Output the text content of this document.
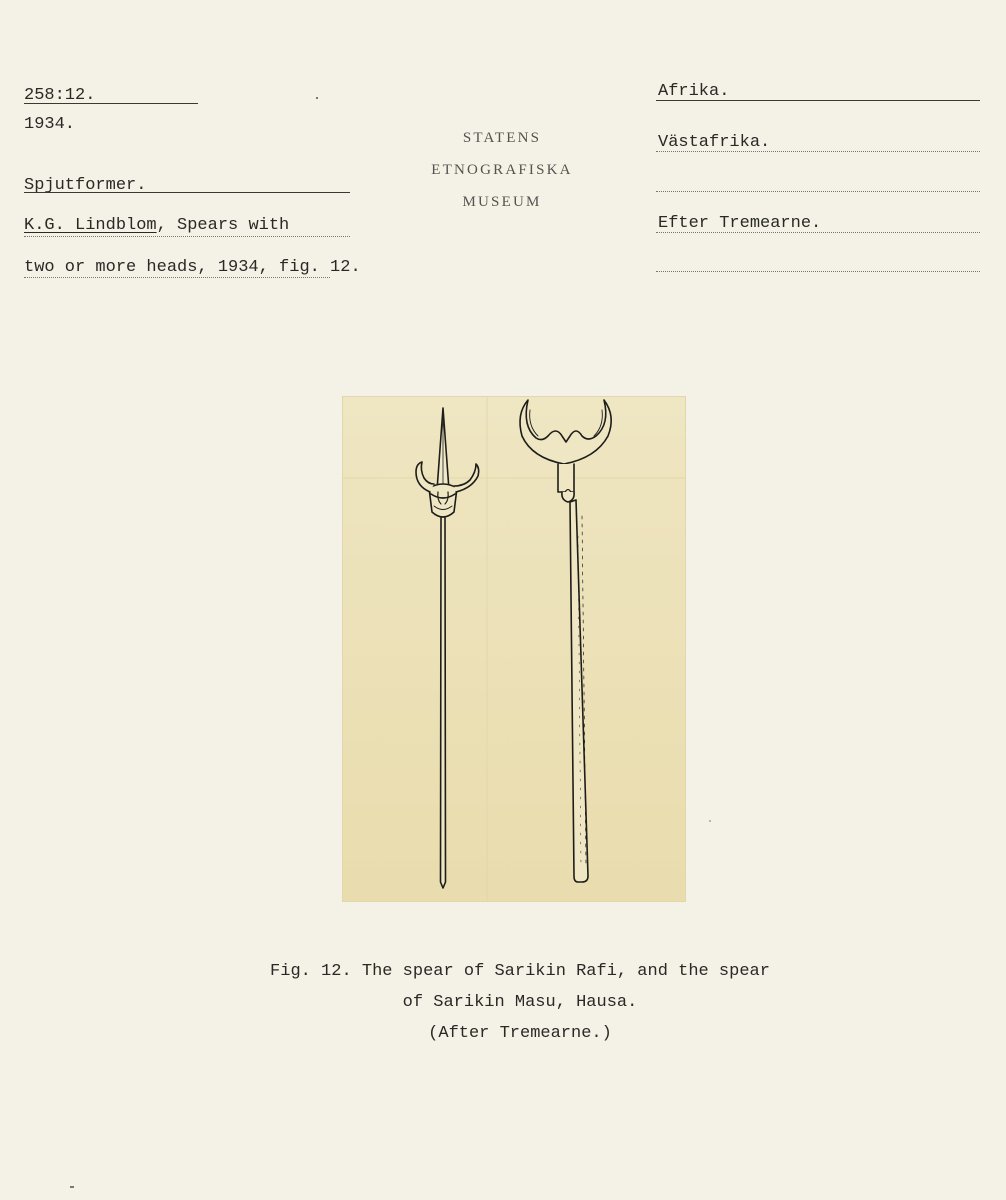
258:12.
1934.
Spjutformer.
K.G. Lindblom, Spears with
two or more heads, 1934, fig. 12.
STATENS
ETNOGRAFISKA
MUSEUM
Afrika.
Västafrika.
Efter Tremearne.
Fig. 12. The spear of Sarikin Rafi, and the spear
of Sarikin Masu, Hausa.
(After Tremearne.)
